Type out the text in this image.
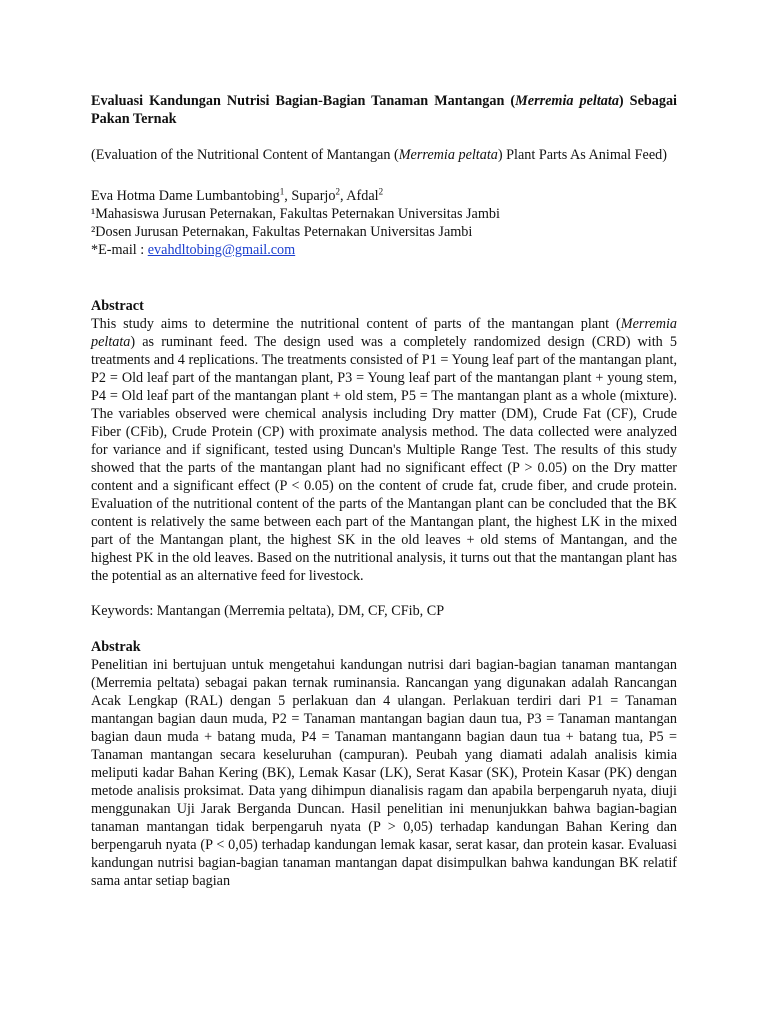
Evaluasi Kandungan Nutrisi Bagian-Bagian Tanaman Mantangan (Merremia peltata) Sebagai Pakan Ternak

(Evaluation of the Nutritional Content of Mantangan (Merremia peltata) Plant Parts As Animal Feed)

Eva Hotma Dame Lumbantobing$^1$, Suparjo$^2$, Afdal$^2$
¹Mahasiswa Jurusan Peternakan, Fakultas Peternakan Universitas Jambi
²Dosen Jurusan Peternakan, Fakultas Peternakan Universitas Jambi
*E-mail : evahdltobing@gmail.com

Abstract

This study aims to determine the nutritional content of parts of the mantangan plant (Merremia peltata) as ruminant feed. The design used was a completely randomized design (CRD) with 5 treatments and 4 replications. The treatments consisted of P1 = Young leaf part of the mantangan plant, P2 = Old leaf part of the mantangan plant, P3 = Young leaf part of the mantangan plant + young stem, P4 = Old leaf part of the mantangan plant + old stem, P5 = The mantangan plant as a whole (mixture). The variables observed were chemical analysis including Dry matter (DM), Crude Fat (CF), Crude Fiber (CFib), Crude Protein (CP) with proximate analysis method. The data collected were analyzed for variance and if significant, tested using Duncan's Multiple Range Test. The results of this study showed that the parts of the mantangan plant had no significant effect (P > 0.05) on the Dry matter content and a significant effect (P < 0.05) on the content of crude fat, crude fiber, and crude protein. Evaluation of the nutritional content of the parts of the Mantangan plant can be concluded that the BK content is relatively the same between each part of the Mantangan plant, the highest LK in the mixed part of the Mantangan plant, the highest SK in the old leaves + old stems of Mantangan, and the highest PK in the old leaves. Based on the nutritional analysis, it turns out that the mantangan plant has the potential as an alternative feed for livestock.

Keywords: Mantangan (Merremia peltata), DM, CF, CFib, CP

Abstrak

Penelitian ini bertujuan untuk mengetahui kandungan nutrisi dari bagian-bagian tanaman mantangan (Merremia peltata) sebagai pakan ternak ruminansia. Rancangan yang digunakan adalah Rancangan Acak Lengkap (RAL) dengan 5 perlakuan dan 4 ulangan. Perlakuan terdiri dari P1 = Tanaman mantangan bagian daun muda, P2 = Tanaman mantangan bagian daun tua, P3 = Tanaman mantangan bagian daun muda + batang muda, P4 = Tanaman mantangann bagian daun tua + batang tua, P5 = Tanaman mantangan secara keseluruhan (campuran). Peubah yang diamati adalah analisis kimia meliputi kadar Bahan Kering (BK), Lemak Kasar (LK), Serat Kasar (SK), Protein Kasar (PK) dengan metode analisis proksimat. Data yang dihimpun dianalisis ragam dan apabila berpengaruh nyata, diuji menggunakan Uji Jarak Berganda Duncan. Hasil penelitian ini menunjukkan bahwa bagian-bagian tanaman mantangan tidak berpengaruh nyata (P > 0,05) terhadap kandungan Bahan Kering dan berpengaruh nyata (P < 0,05) terhadap kandungan lemak kasar, serat kasar, dan protein kasar. Evaluasi kandungan nutrisi bagian-bagian tanaman mantangan dapat disimpulkan bahwa kandungan BK relatif sama antar setiap bagian
